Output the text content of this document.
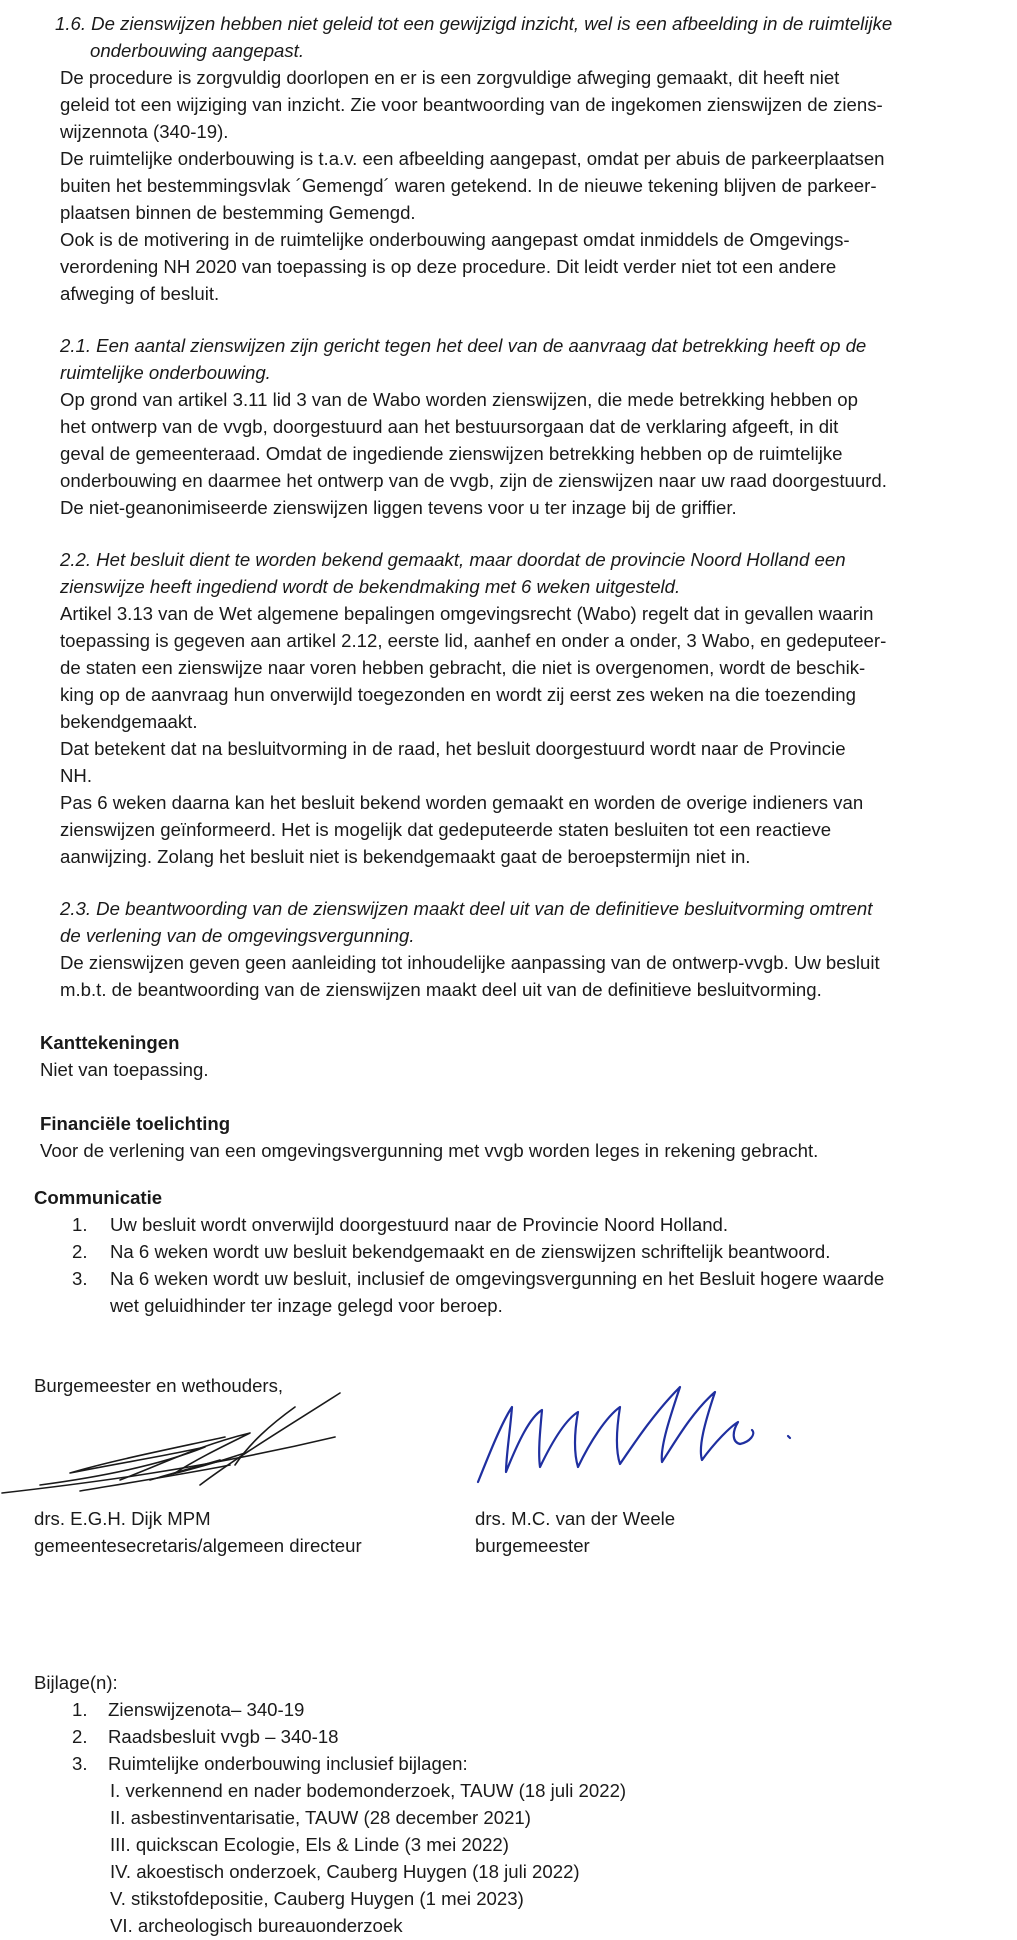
1.6. De zienswijzen hebben niet geleid tot een gewijzigd inzicht, wel is een afbeelding in de ruimtelijke
onderbouwing aangepast.
De procedure is zorgvuldig doorlopen en er is een zorgvuldige afweging gemaakt, dit heeft niet
geleid tot een wijziging van inzicht. Zie voor beantwoording van de ingekomen zienswijzen de ziens-
wijzennota (340-19).
De ruimtelijke onderbouwing is t.a.v. een afbeelding aangepast, omdat per abuis de parkeerplaatsen
buiten het bestemmingsvlak ´Gemengd´ waren getekend. In de nieuwe tekening blijven de parkeer-
plaatsen binnen de bestemming Gemengd.
Ook is de motivering in de ruimtelijke onderbouwing aangepast omdat inmiddels de Omgevings-
verordening NH 2020 van toepassing is op deze procedure. Dit leidt verder niet tot een andere
afweging of besluit.
2.1. Een aantal zienswijzen zijn gericht tegen het deel van de aanvraag dat betrekking heeft op de
ruimtelijke onderbouwing.
Op grond van artikel 3.11 lid 3 van de Wabo worden zienswijzen, die mede betrekking hebben op
het ontwerp van de vvgb, doorgestuurd aan het bestuursorgaan dat de verklaring afgeeft, in dit
geval de gemeenteraad. Omdat de ingediende zienswijzen betrekking hebben op de ruimtelijke
onderbouwing en daarmee het ontwerp van de vvgb, zijn de zienswijzen naar uw raad doorgestuurd.
De niet-geanonimiseerde zienswijzen liggen tevens voor u ter inzage bij de griffier.
2.2. Het besluit dient te worden bekend gemaakt, maar doordat de provincie Noord Holland een
zienswijze heeft ingediend wordt de bekendmaking met 6 weken uitgesteld.
Artikel 3.13 van de Wet algemene bepalingen omgevingsrecht (Wabo) regelt dat in gevallen waarin
toepassing is gegeven aan artikel 2.12, eerste lid, aanhef en onder a onder, 3 Wabo, en gedeputeer-
de staten een zienswijze naar voren hebben gebracht, die niet is overgenomen, wordt de beschik-
king op de aanvraag hun onverwijld toegezonden en wordt zij eerst zes weken na die toezending
bekendgemaakt.
Dat betekent dat na besluitvorming in de raad, het besluit doorgestuurd wordt naar de Provincie
NH.
Pas 6 weken daarna kan het besluit bekend worden gemaakt en worden de overige indieners van
zienswijzen geïnformeerd. Het is mogelijk dat gedeputeerde staten besluiten tot een reactieve
aanwijzing. Zolang het besluit niet is bekendgemaakt gaat de beroepstermijn niet in.
2.3. De beantwoording van de zienswijzen maakt deel uit van de definitieve besluitvorming omtrent
de verlening van de omgevingsvergunning.
De zienswijzen geven geen aanleiding tot inhoudelijke aanpassing van de ontwerp-vvgb. Uw besluit
m.b.t. de beantwoording van de zienswijzen maakt deel uit van de definitieve besluitvorming.
Kanttekeningen
Niet van toepassing.
Financiële toelichting
Voor de verlening van een omgevingsvergunning met vvgb worden leges in rekening gebracht.
Communicatie
1. Uw besluit wordt onverwijld doorgestuurd naar de Provincie Noord Holland.
2. Na 6 weken wordt uw besluit bekendgemaakt en de zienswijzen schriftelijk beantwoord.
3. Na 6 weken wordt uw besluit, inclusief de omgevingsvergunning en het Besluit hogere waarde
wet geluidhinder ter inzage gelegd voor beroep.
Burgemeester en wethouders,
drs. E.G.H. Dijk MPM
gemeentesecretaris/algemeen directeur
drs. M.C. van der Weele
burgemeester
Bijlage(n):
1. Zienswijzenota– 340-19
2. Raadsbesluit vvgb – 340-18
3. Ruimtelijke onderbouwing inclusief bijlagen:
I. verkennend en nader bodemonderzoek, TAUW (18 juli 2022)
II. asbestinventarisatie, TAUW (28 december 2021)
III. quickscan Ecologie, Els & Linde (3 mei 2022)
IV. akoestisch onderzoek, Cauberg Huygen (18 juli 2022)
V. stikstofdepositie, Cauberg Huygen (1 mei 2023)
VI. archeologisch bureauonderzoek
